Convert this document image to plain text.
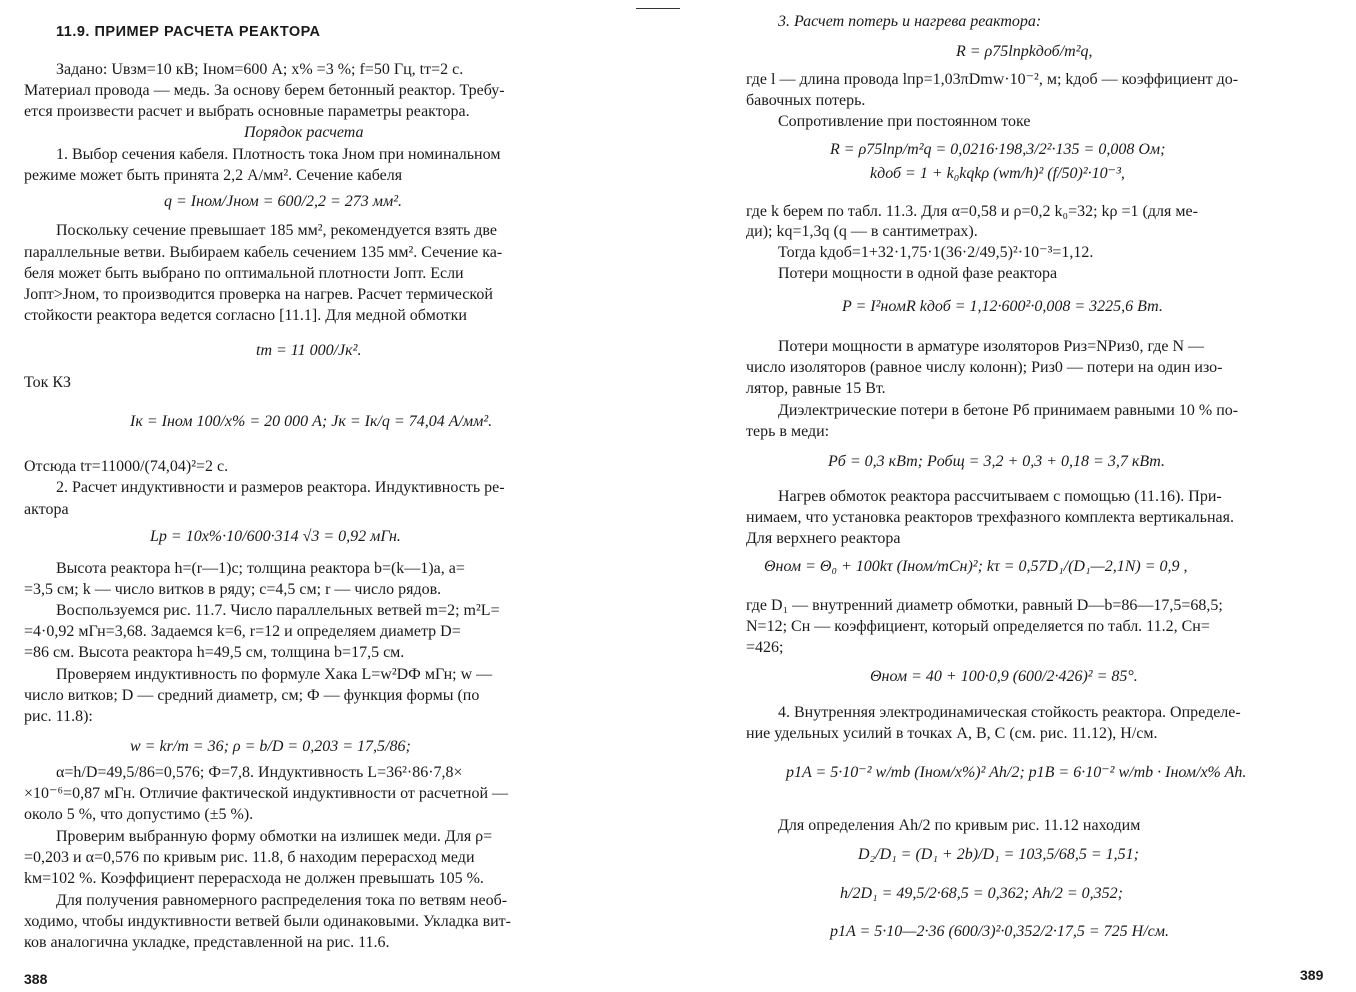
11.9. ПРИМЕР РАСЧЕТА РЕАКТОРА
Задано: Uвзм=10 кВ; Iном=600 А; x% =3 %; f=50 Гц, tт=2 с.
Материал провода — медь. За основу берем бетонный реактор. Требу-
ется произвести расчет и выбрать основные параметры реактора.
Порядок расчета
1. Выбор сечения кабеля. Плотность тока Jном при номинальном
режиме может быть принята 2,2 А/мм². Сечение кабеля
q = Iном/Jном = 600/2,2 = 273 мм².
Поскольку сечение превышает 185 мм², рекомендуется взять две
параллельные ветви. Выбираем кабель сечением 135 мм². Сечение ка-
беля может быть выбрано по оптимальной плотности Jопт. Если
Jопт>Jном, то производится проверка на нагрев. Расчет термической
стойкости реактора ведется согласно [11.1]. Для медной обмотки
tт = 11 000/Jк².
Ток КЗ
Iк = Iном 100/x% = 20 000 А; Jк = Iк/q = 74,04 А/мм².
Отсюда tт=11000/(74,04)²=2 с.
2. Расчет индуктивности и размеров реактора. Индуктивность ре-
актора
Lр = 10x%·10/600·314 √3 = 0,92 мГн.
Высота реактора h=(r—1)c; толщина реактора b=(k—1)a, a=
=3,5 см; k — число витков в ряду; c=4,5 см; r — число рядов.
Воспользуемся рис. 11.7. Число параллельных ветвей m=2; m²L=
=4·0,92 мГн=3,68. Задаемся k=6, r=12 и определяем диаметр D=
=86 см. Высота реактора h=49,5 см, толщина b=17,5 см.
Проверяем индуктивность по формуле Хака L=w²DФ мГн; w —
число витков; D — средний диаметр, см; Ф — функция формы (по
рис. 11.8):
w = kr/m = 36; ρ = b/D = 0,203 = 17,5/86;
α=h/D=49,5/86=0,576; Ф=7,8. Индуктивность L=36²·86·7,8×
×10⁻⁶=0,87 мГн. Отличие фактической индуктивности от расчетной —
около 5 %, что допустимо (±5 %).
Проверим выбранную форму обмотки на излишек меди. Для ρ=
=0,203 и α=0,576 по кривым рис. 11.8, б находим перерасход меди
kм=102 %. Коэффициент перерасхода не должен превышать 105 %.
Для получения равномерного распределения тока по ветвям необ-
ходимо, чтобы индуктивности ветвей были одинаковыми. Укладка вит-
ков аналогична укладке, представленной на рис. 11.6.
388
3. Расчет потерь и нагрева реактора:
R = ρ75lпрkдоб/m²q,
где l — длина провода lпр=1,03πDmw·10⁻², м; kдоб — коэффициент до-
бавочных потерь.
Сопротивление при постоянном токе
R = ρ75lпр/m²q = 0,0216·198,3/2²·135 = 0,008 Ом;
kдоб = 1 + k₀kqkρ (wm/h)² (f/50)²·10⁻³,
где k берем по табл. 11.3. Для α=0,58 и ρ=0,2 k₀=32; kρ =1 (для ме-
ди); kq=1,3q (q — в сантиметрах).
Тогда kдоб=1+32·1,75·1(36·2/49,5)²·10⁻³=1,12.
Потери мощности в одной фазе реактора
P = I²номR kдоб = 1,12·600²·0,008 = 3225,6 Вт.
Потери мощности в арматуре изоляторов Pиз=NPиз0, где N —
число изоляторов (равное числу колонн); Pиз0 — потери на один изо-
лятор, равные 15 Вт.
Диэлектрические потери в бетоне Pб принимаем равными 10 % по-
терь в меди:
Pб = 0,3 кВт; Pобщ = 3,2 + 0,3 + 0,18 = 3,7 кВт.
Нагрев обмоток реактора рассчитываем с помощью (11.16). При-
нимаем, что установка реакторов трехфазного комплекта вертикальная.
Для верхнего реактора
Θном = Θ₀ + 100kτ (Iном/mCн)²; kτ = 0,57D₁/(D₁—2,1N) = 0,9 ,
где D₁ — внутренний диаметр обмотки, равный D—b=86—17,5=68,5;
N=12; Cн — коэффициент, который определяется по табл. 11.2, Cн=
=426;
Θном = 40 + 100·0,9 (600/2·426)² = 85°.
4. Внутренняя электродинамическая стойкость реактора. Определе-
ние удельных усилий в точках A, B, C (см. рис. 11.12), Н/см.
p1A = 5·10⁻² w/mb (Iном/x%)² Ah/2; p1B = 6·10⁻² w/mb · Iном/x% Ah.
Для определения Ah/2 по кривым рис. 11.12 находим
D₂/D₁ = (D₁ + 2b)/D₁ = 103,5/68,5 = 1,51;
h/2D₁ = 49,5/2·68,5 = 0,362; Ah/2 = 0,352;
p1A = 5·10—2·36 (600/3)²·0,352/2·17,5 = 725 Н/см.
389
